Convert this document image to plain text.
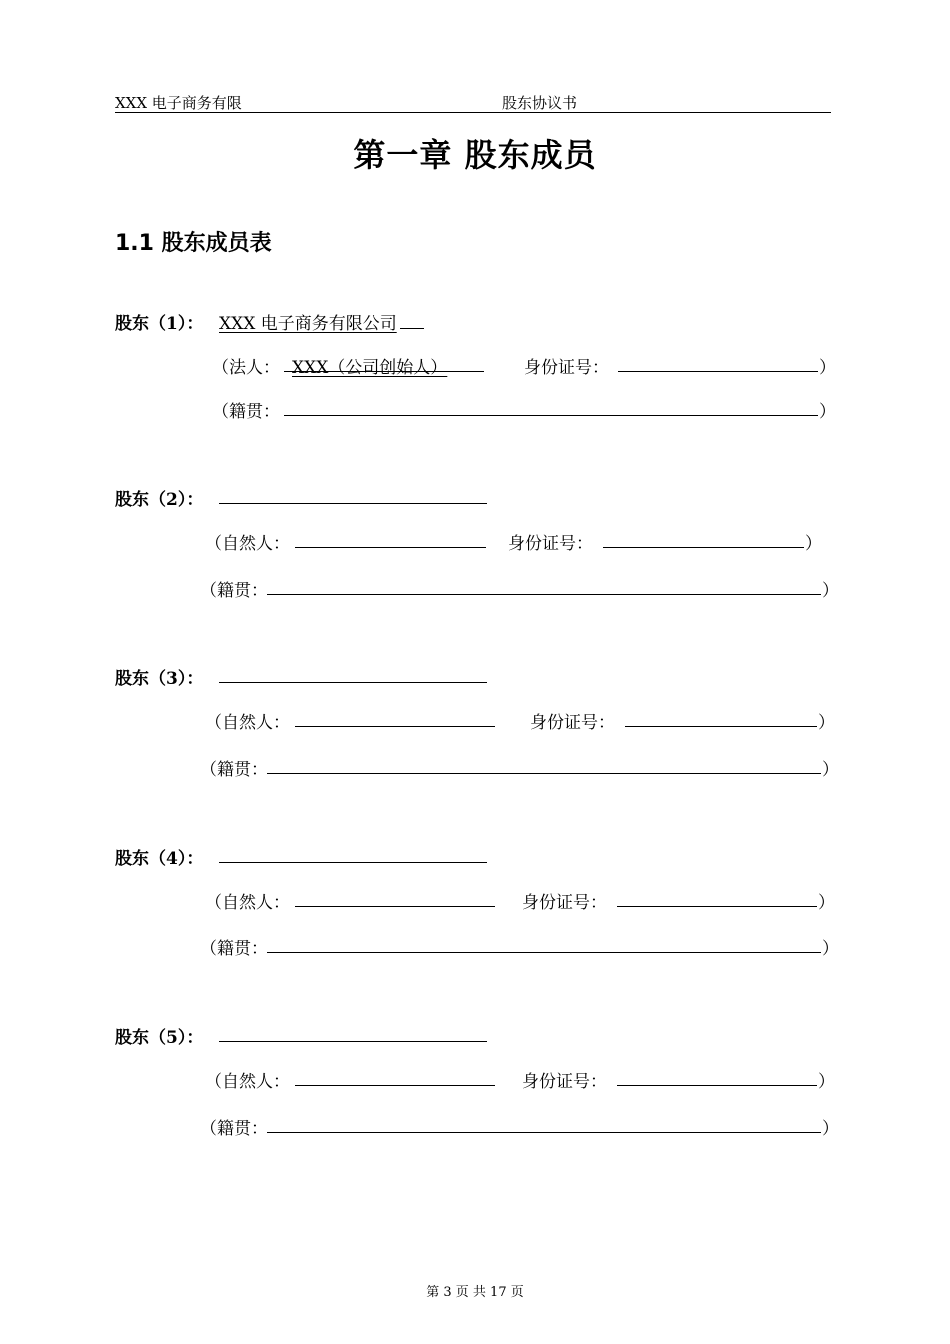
XXX 电子商务有限	股东协议书
第一章 股东成员
1.1 股东成员表
股东（1）： XXX 电子商务有限公司
（法人： XXX（公司创始人）	身份证号：	）
（籍贯：	）
股东（2）：
（自然人：	身份证号：	）
（籍贯：	）
股东（3）：
（自然人：	身份证号：	）
（籍贯：	）
股东（4）：
（自然人：	身份证号：	）
（籍贯：	）
股东（5）：
（自然人：	身份证号：	）
（籍贯：	）
第 3 页 共 17 页
